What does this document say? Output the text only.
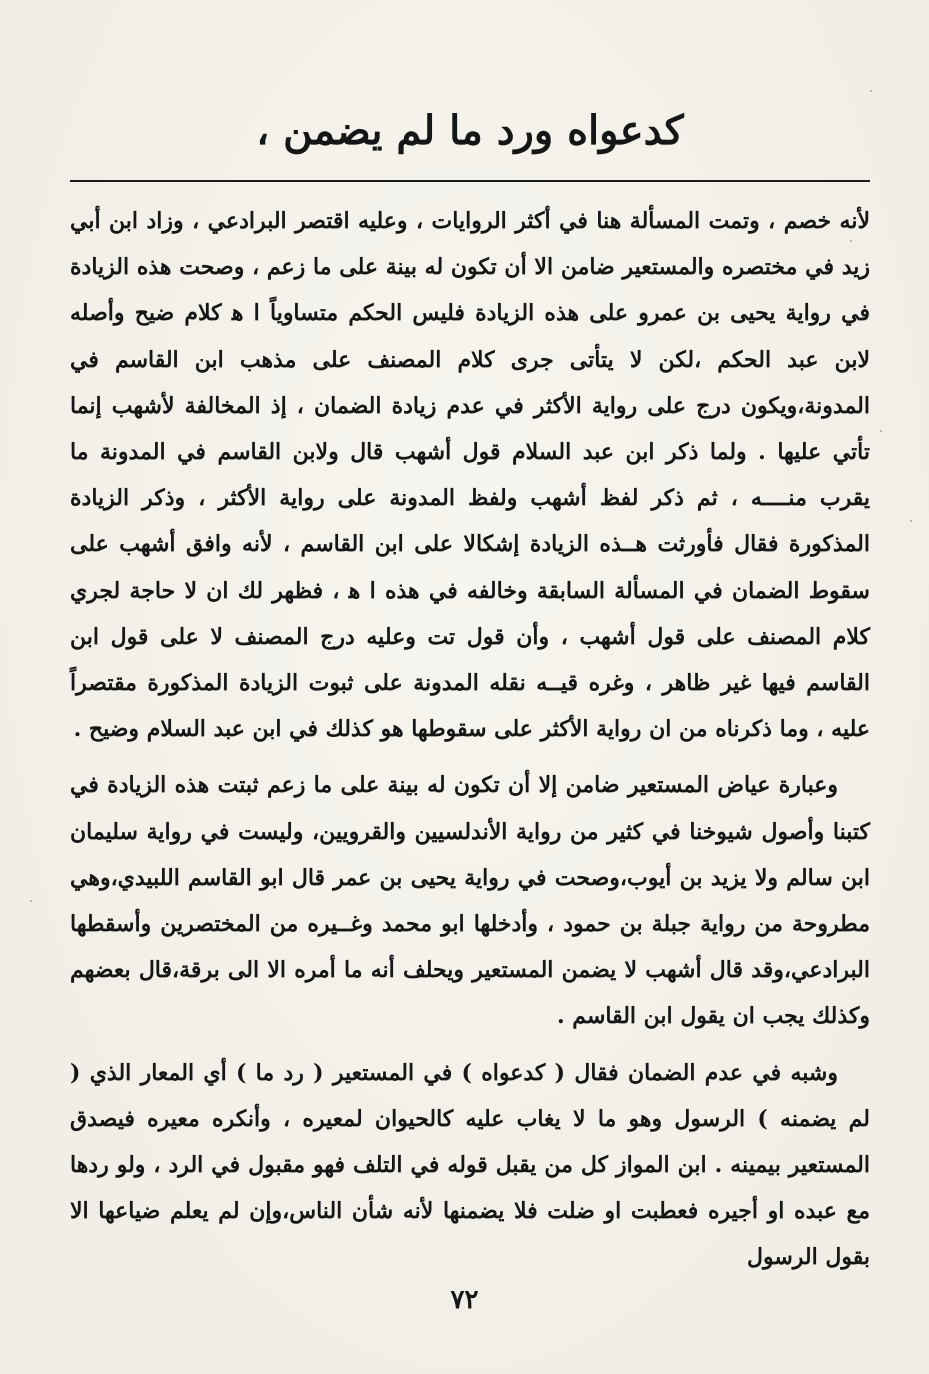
كدعواه ورد ما لم يضمن ،

لأنه خصم ، وتمت المسألة هنا في أكثر الروايات ، وعليه اقتصر البرادعي ، وزاد ابن أبي زيد في مختصره والمستعير ضامن الا أن تكون له بينة على ما زعم ، وصحت هذه الزيادة في رواية يحيى بن عمرو على هذه الزيادة فليس الحكم متساوياً ا ﻫ كلام ضيح وأصله لابن عبد الحكم ،لكن لا يتأتى جرى كلام المصنف على مذهب ابن القاسم في المدونة،ويكون درج على رواية الأكثر في عدم زيادة الضمان ، إذ المخالفة لأشهب إنما تأتي عليها . ولما ذكر ابن عبد السلام قول أشهب قال ولابن القاسم في المدونة ما يقرب منــــه ، ثم ذكر لفظ أشهب ولفظ المدونة على رواية الأكثر ، وذكر الزيادة المذكورة فقال فأورثت هــذه الزيادة إشكالا على ابن القاسم ، لأنه وافق أشهب على سقوط الضمان في المسألة السابقة وخالفه في هذه ا ﻫ ، فظهر لك ان لا حاجة لجري كلام المصنف على قول أشهب ، وأن قول تت وعليه درج المصنف لا على قول ابن القاسم فيها غير ظاهر ، وغره قيــه نقله المدونة على ثبوت الزيادة المذكورة مقتصراً عليه ، وما ذكرناه من ان رواية الأكثر على سقوطها هو كذلك في ابن عبد السلام وضيح .

وعبارة عياض المستعير ضامن إلا أن تكون له بينة على ما زعم ثبتت هذه الزيادة في كتبنا وأصول شيوخنا في كثير من رواية الأندلسيين والقرويين، وليست في رواية سليمان ابن سالم ولا يزيد بن أيوب،وصحت في رواية يحيى بن عمر قال ابو القاسم اللبيدي،وهي مطروحة من رواية جبلة بن حمود ، وأدخلها ابو محمد وغــيره من المختصرين وأسقطها البرادعي،وقد قال أشهب لا يضمن المستعير ويحلف أنه ما أمره الا الى برقة،قال بعضهم وكذلك يجب ان يقول ابن القاسم .

وشبه في عدم الضمان فقال ( كدعواه ) في المستعير ( رد ما ) أي المعار الذي ( لم يضمنه ) الرسول وهو ما لا يغاب عليه كالحيوان لمعيره ، وأنكره معيره فيصدق المستعير بيمينه . ابن المواز كل من يقبل قوله في التلف فهو مقبول في الرد ، ولو ردها مع عبده او أجيره فعطبت او ضلت فلا يضمنها لأنه شأن الناس،وإن لم يعلم ضياعها الا بقول الرسول

٧٢
